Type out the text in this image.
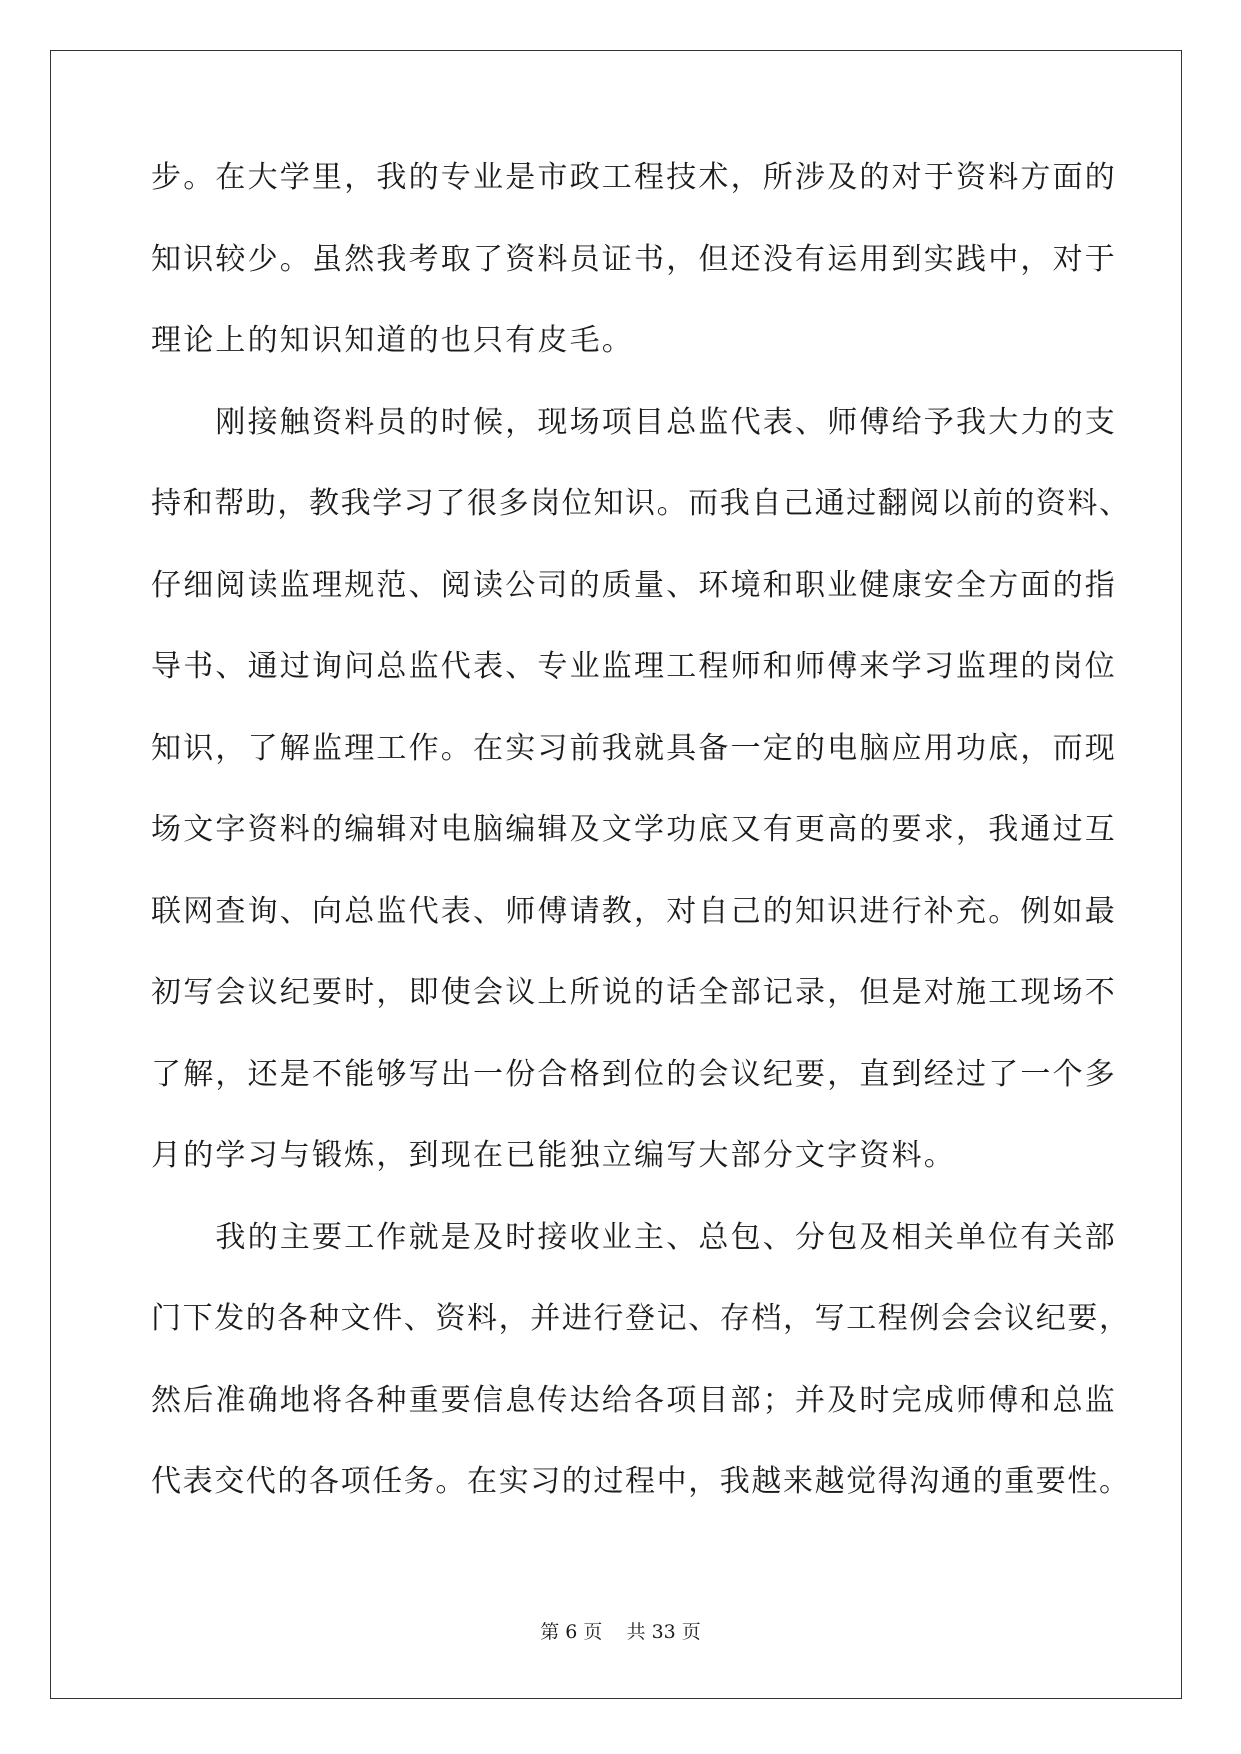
步。在大学里，我的专业是市政工程技术，所涉及的对于资料方面的
知识较少。虽然我考取了资料员证书，但还没有运用到实践中，对于
理论上的知识知道的也只有皮毛。
　　刚接触资料员的时候，现场项目总监代表、师傅给予我大力的支
持和帮助，教我学习了很多岗位知识。而我自己通过翻阅以前的资料、
仔细阅读监理规范、阅读公司的质量、环境和职业健康安全方面的指
导书、通过询问总监代表、专业监理工程师和师傅来学习监理的岗位
知识，了解监理工作。在实习前我就具备一定的电脑应用功底，而现
场文字资料的编辑对电脑编辑及文学功底又有更高的要求，我通过互
联网查询、向总监代表、师傅请教，对自己的知识进行补充。例如最
初写会议纪要时，即使会议上所说的话全部记录，但是对施工现场不
了解，还是不能够写出一份合格到位的会议纪要，直到经过了一个多
月的学习与锻炼，到现在已能独立编写大部分文字资料。
　　我的主要工作就是及时接收业主、总包、分包及相关单位有关部
门下发的各种文件、资料，并进行登记、存档，写工程例会会议纪要，
然后准确地将各种重要信息传达给各项目部；并及时完成师傅和总监
代表交代的各项任务。在实习的过程中，我越来越觉得沟通的重要性。
第 6 页 共 33 页
